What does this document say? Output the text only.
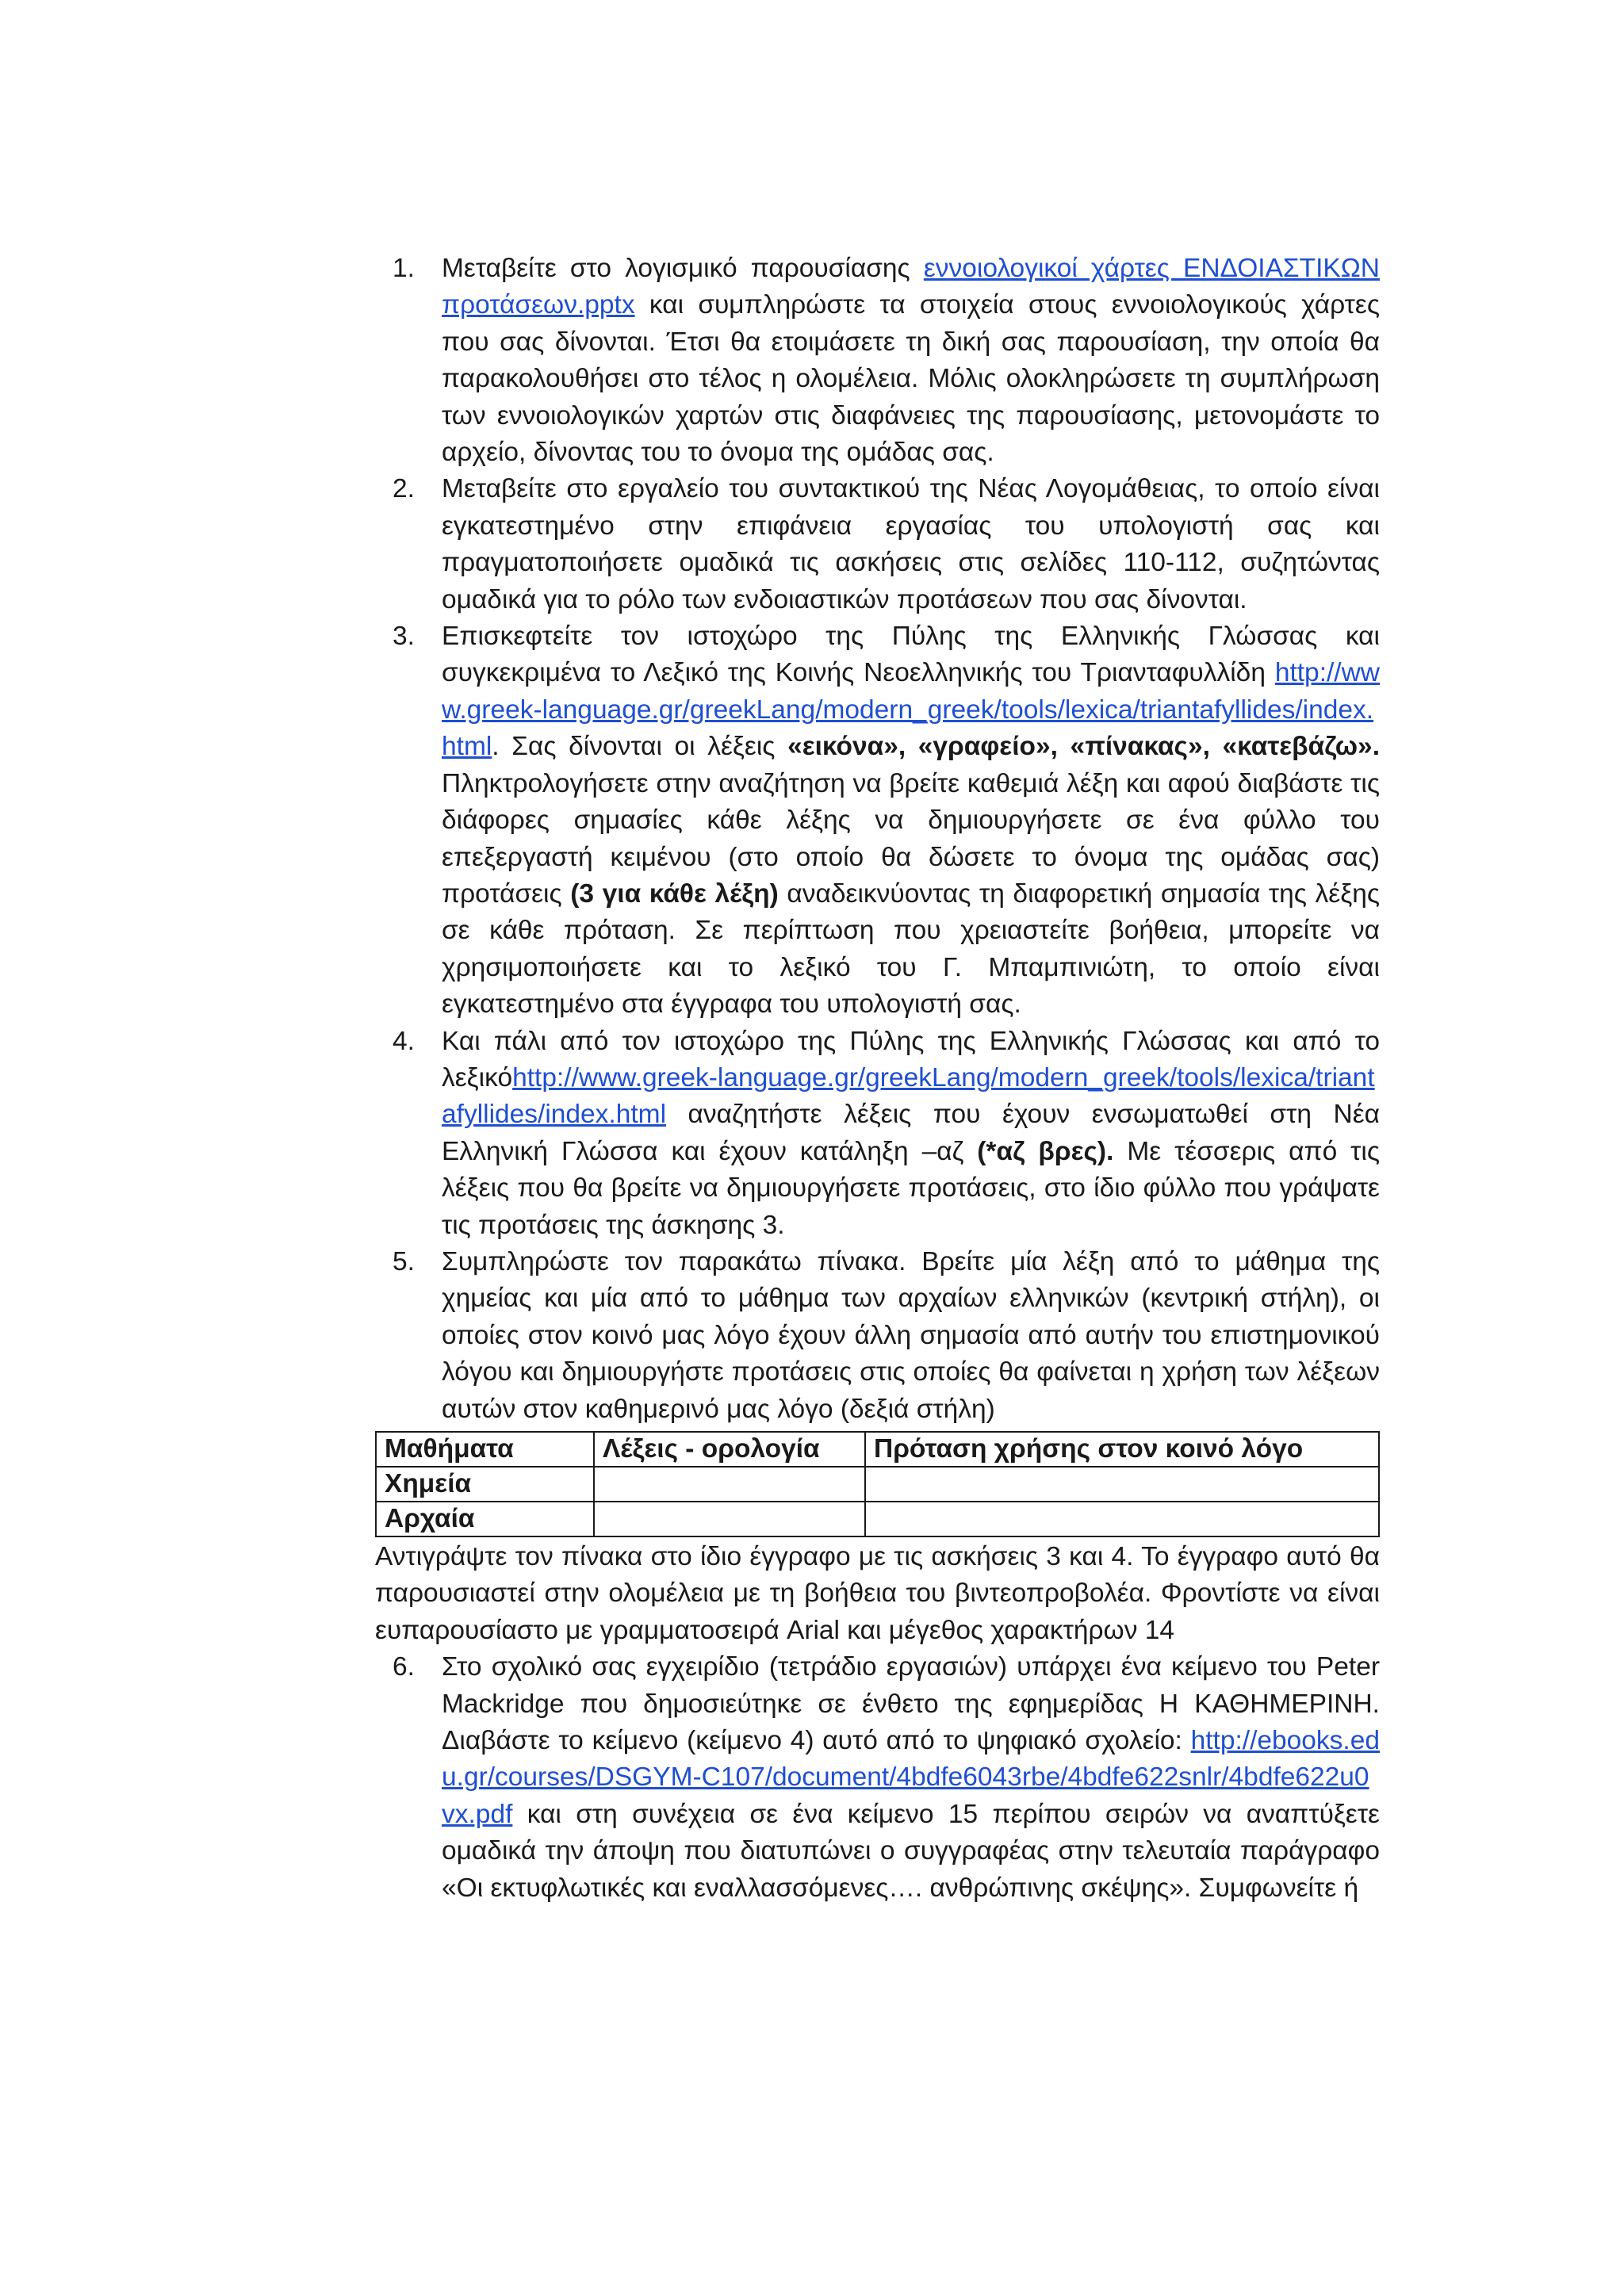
1.	Μεταβείτε στο λογισμικό παρουσίασης εννοιολογικοί χάρτες ΕΝΔΟΙΑΣΤΙΚΩΝ προτάσεων.pptx και συμπληρώστε τα στοιχεία στους εννοιολογικούς χάρτες που σας δίνονται. Έτσι θα ετοιμάσετε τη δική σας παρουσίαση, την οποία θα παρακολουθήσει στο τέλος η ολομέλεια. Μόλις ολοκληρώσετε τη συμπλήρωση των εννοιολογικών χαρτών στις διαφάνειες της παρουσίασης, μετονομάστε το αρχείο, δίνοντας του το όνομα της ομάδας σας.
2.	Μεταβείτε στο εργαλείο του συντακτικού της Νέας Λογομάθειας, το οποίο είναι εγκατεστημένο στην επιφάνεια εργασίας του υπολογιστή σας και πραγματοποιήσετε ομαδικά τις ασκήσεις στις σελίδες 110-112, συζητώντας ομαδικά για το ρόλο των ενδοιαστικών προτάσεων που σας δίνονται.
3.	Επισκεφτείτε τον ιστοχώρο της Πύλης της Ελληνικής Γλώσσας και συγκεκριμένα το Λεξικό της Κοινής Νεοελληνικής του Τριανταφυλλίδη http://www.greek-language.gr/greekLang/modern_greek/tools/lexica/triantafyllides/index.html. Σας δίνονται οι λέξεις «εικόνα», «γραφείο», «πίνακας», «κατεβάζω». Πληκτρολογήσετε στην αναζήτηση να βρείτε καθεμιά λέξη και αφού διαβάστε τις διάφορες σημασίες κάθε λέξης να δημιουργήσετε σε ένα φύλλο του επεξεργαστή κειμένου (στο οποίο θα δώσετε το όνομα της ομάδας σας) προτάσεις (3 για κάθε λέξη) αναδεικνύοντας τη διαφορετική σημασία της λέξης σε κάθε πρόταση. Σε περίπτωση που χρειαστείτε βοήθεια, μπορείτε να χρησιμοποιήσετε και το λεξικό του Γ. Μπαμπινιώτη, το οποίο είναι εγκατεστημένο στα έγγραφα του υπολογιστή σας.
4.	Και πάλι από τον ιστοχώρο της Πύλης της Ελληνικής Γλώσσας και από το λεξικόhttp://www.greek-language.gr/greekLang/modern_greek/tools/lexica/triantafyllides/index.html αναζητήστε λέξεις που έχουν ενσωματωθεί στη Νέα Ελληνική Γλώσσα και έχουν κατάληξη –αζ (*αζ βρες). Με τέσσερις από τις λέξεις που θα βρείτε να δημιουργήσετε προτάσεις, στο ίδιο φύλλο που γράψατε τις προτάσεις της άσκησης 3.
5.	Συμπληρώστε τον παρακάτω πίνακα. Βρείτε μία λέξη από το μάθημα της χημείας και μία από το μάθημα των αρχαίων ελληνικών (κεντρική στήλη), οι οποίες στον κοινό μας λόγο έχουν άλλη σημασία από αυτήν του επιστημονικού λόγου και δημιουργήστε προτάσεις στις οποίες θα φαίνεται η χρήση των λέξεων αυτών στον καθημερινό μας λόγο (δεξιά στήλη)
Μαθήματα	Λέξεις - ορολογία	Πρόταση χρήσης στον κοινό λόγο
Χημεία		
Αρχαία		
Αντιγράψτε τον πίνακα στο ίδιο έγγραφο με τις ασκήσεις 3 και 4. Το έγγραφο αυτό θα παρουσιαστεί στην ολομέλεια με τη βοήθεια του βιντεοπροβολέα. Φροντίστε να είναι ευπαρουσίαστο με γραμματοσειρά Arial και μέγεθος χαρακτήρων 14
6.	Στο σχολικό σας εγχειρίδιο (τετράδιο εργασιών) υπάρχει ένα κείμενο του Peter Mackridge που δημοσιεύτηκε σε ένθετο της εφημερίδας Η ΚΑΘΗΜΕΡΙΝΗ. Διαβάστε το κείμενο (κείμενο 4) αυτό από το ψηφιακό σχολείο: http://ebooks.edu.gr/courses/DSGYM-C107/document/4bdfe6043rbe/4bdfe622snlr/4bdfe622u0vx.pdf και στη συνέχεια σε ένα κείμενο 15 περίπου σειρών να αναπτύξετε ομαδικά την άποψη που διατυπώνει ο συγγραφέας στην τελευταία παράγραφο «Οι εκτυφλωτικές και εναλλασσόμενες…. ανθρώπινης σκέψης». Συμφωνείτε ή
